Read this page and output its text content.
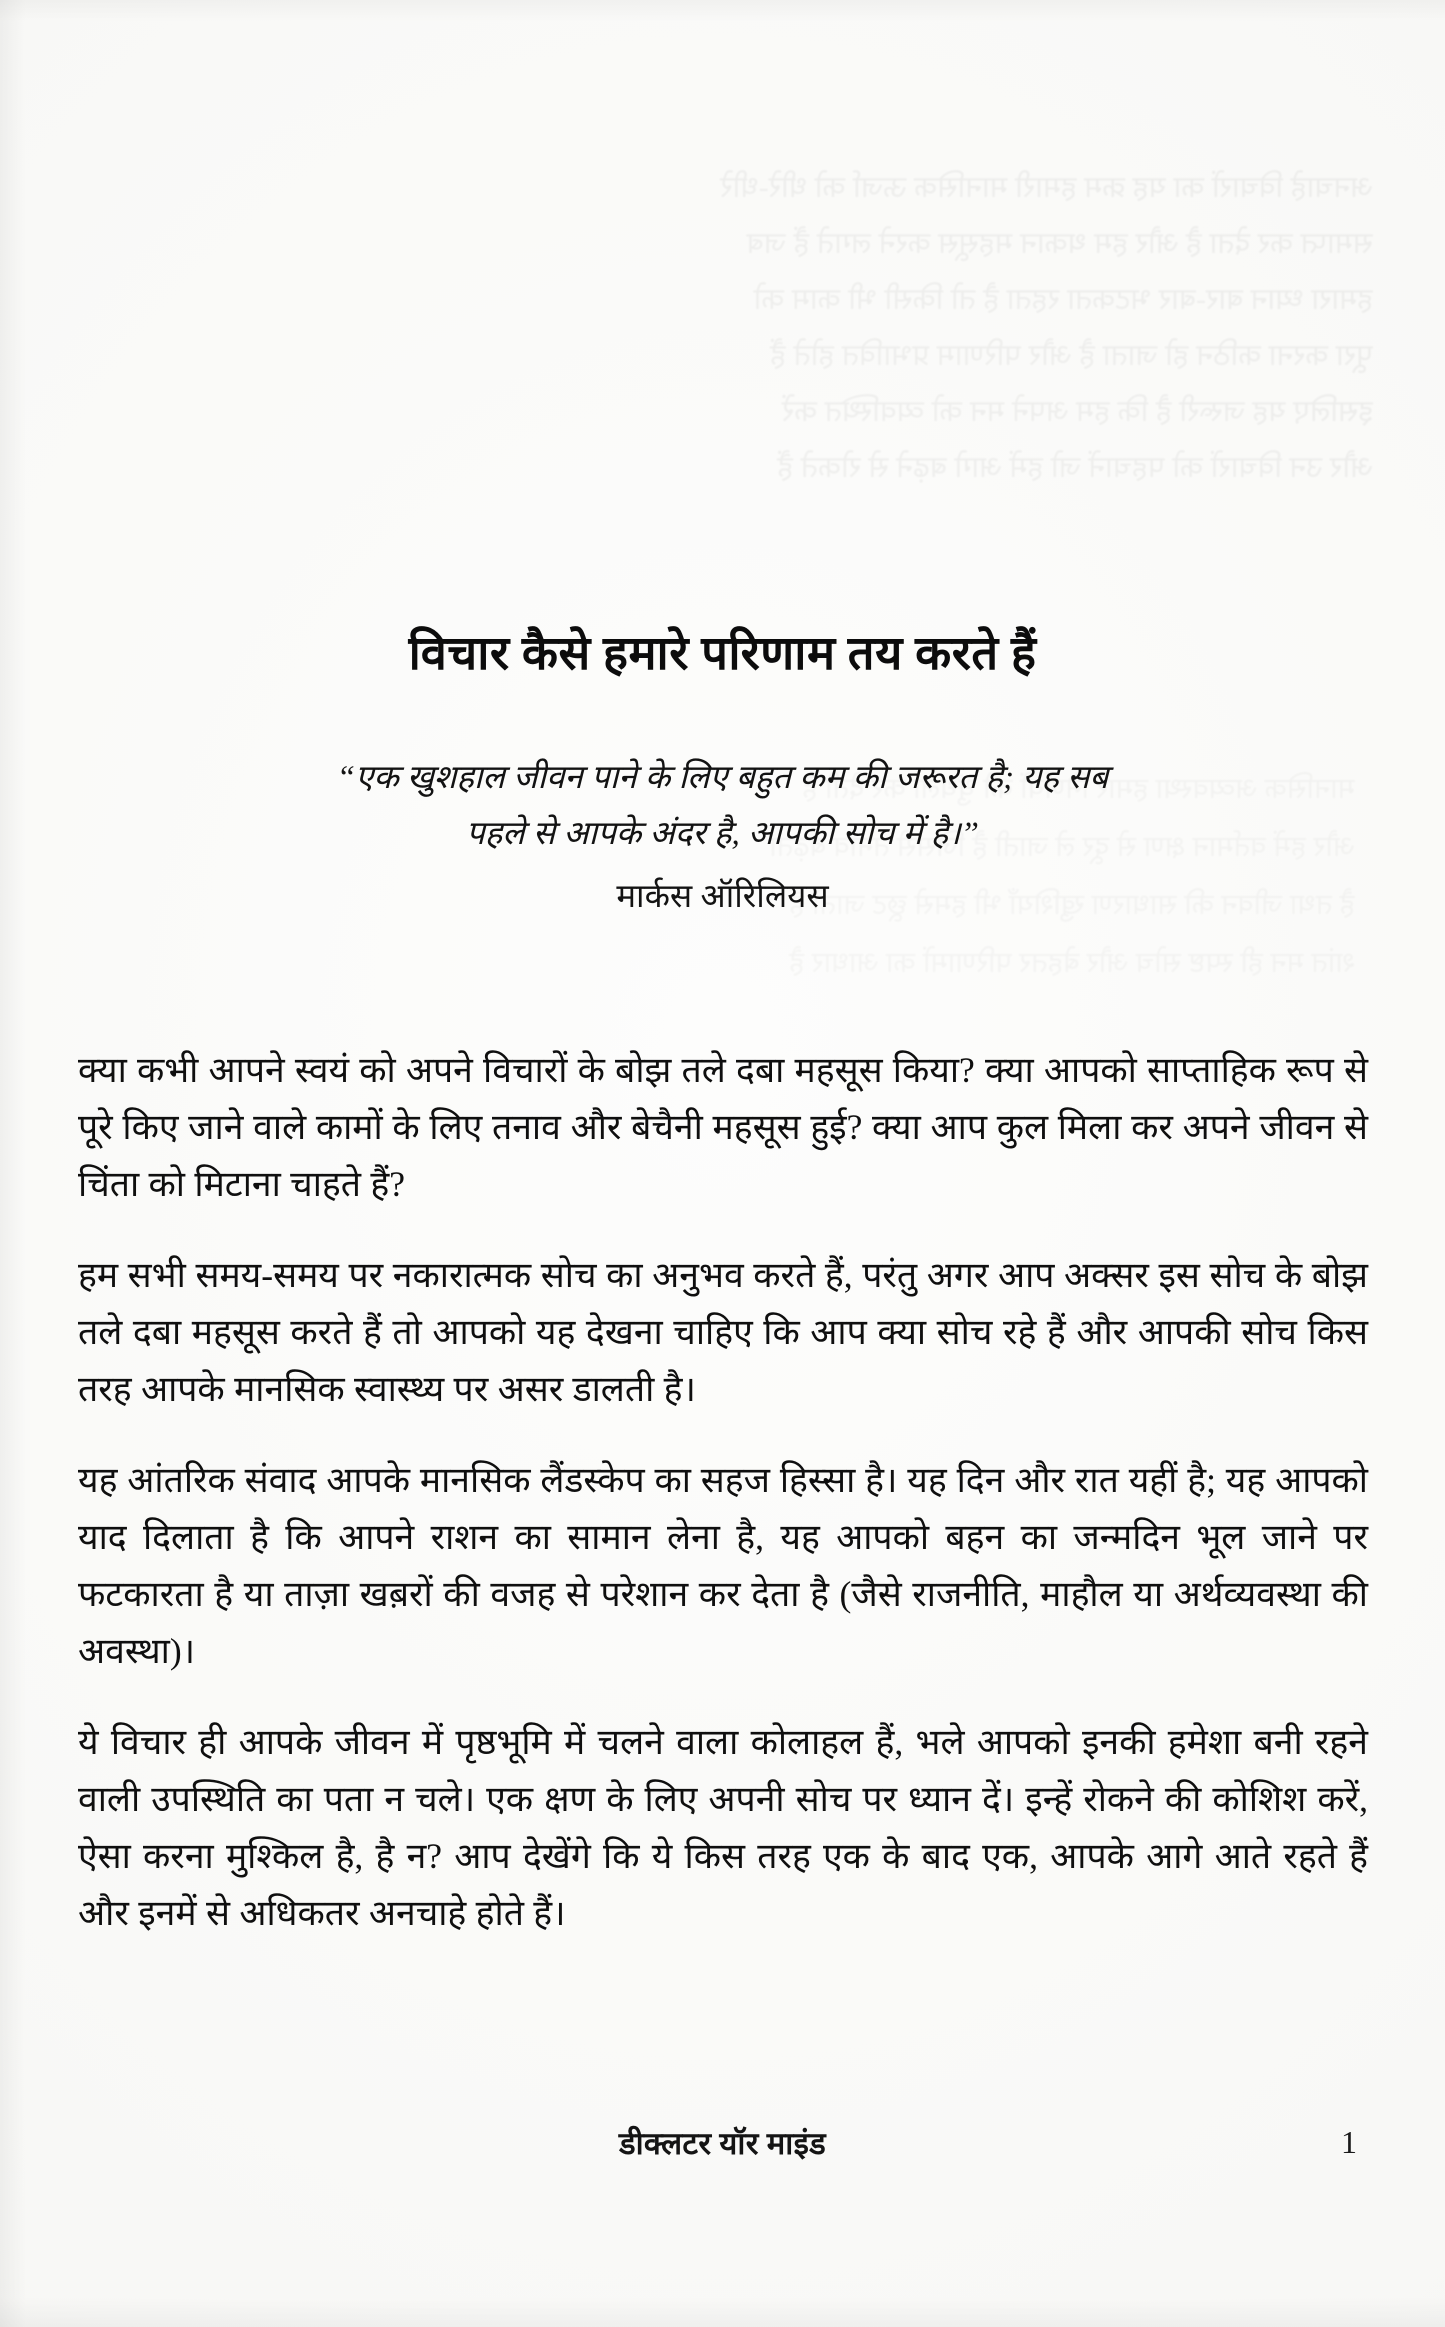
अनचाहे विचारों का यह क्रम हमारी मानसिक ऊर्जा को धीरे-धीरे
समाप्त कर देता है और हम थकान महसूस करने लगते हैं जब
हमारा ध्यान बार-बार भटकता रहता है तो किसी भी काम को
पूरा करना कठिन हो जाता है और परिणाम प्रभावित होते हैं
इसलिए यह जरूरी है कि हम अपने मन को व्यवस्थित करें
और उन विचारों को पहचानें जो हमें आगे बढ़ने से रोकते हैं
विचार कैसे हमारे परिणाम तय करते हैं
“एक खुशहाल जीवन पाने के लिए बहुत कम की जरूरत है; यह सब
पहले से आपके अंदर है, आपकी सोच में है।”
मार्कस ऑरिलियस

क्या कभी आपने स्वयं को अपने विचारों के बोझ तले दबा महसूस किया? क्या आपको साप्ताहिक रूप से पूरे किए जाने वाले कामों के लिए तनाव और बेचैनी महसूस हुई? क्या आप कुल मिला कर अपने जीवन से चिंता को मिटाना चाहते हैं?

हम सभी समय-समय पर नकारात्मक सोच का अनुभव करते हैं, परंतु अगर आप अक्सर इस सोच के बोझ तले दबा महसूस करते हैं तो आपको यह देखना चाहिए कि आप क्या सोच रहे हैं और आपकी सोच किस तरह आपके मानसिक स्वास्थ्य पर असर डालती है।

यह आंतरिक संवाद आपके मानसिक लैंडस्केप का सहज हिस्सा है। यह दिन और रात यहीं है; यह आपको याद दिलाता है कि आपने राशन का सामान लेना है, यह आपको बहन का जन्मदिन भूल जाने पर फटकारता है या ताज़ा खब़रों की वजह से परेशान कर देता है (जैसे राजनीति, माहौल या अर्थव्यवस्था की अवस्था)।

ये विचार ही आपके जीवन में पृष्ठभूमि में चलने वाला कोलाहल हैं, भले आपको इनकी हमेशा बनी रहने वाली उपस्थिति का पता न चले। एक क्षण के लिए अपनी सोच पर ध्यान दें। इन्हें रोकने की कोशिश करें, ऐसा करना मुश्किल है, है न? आप देखेंगे कि ये किस तरह एक के बाद एक, आपके आगे आते रहते हैं और इनमें से अधिकतर अनचाहे होते हैं।

डीक्लटर यॉर माइंड	1
